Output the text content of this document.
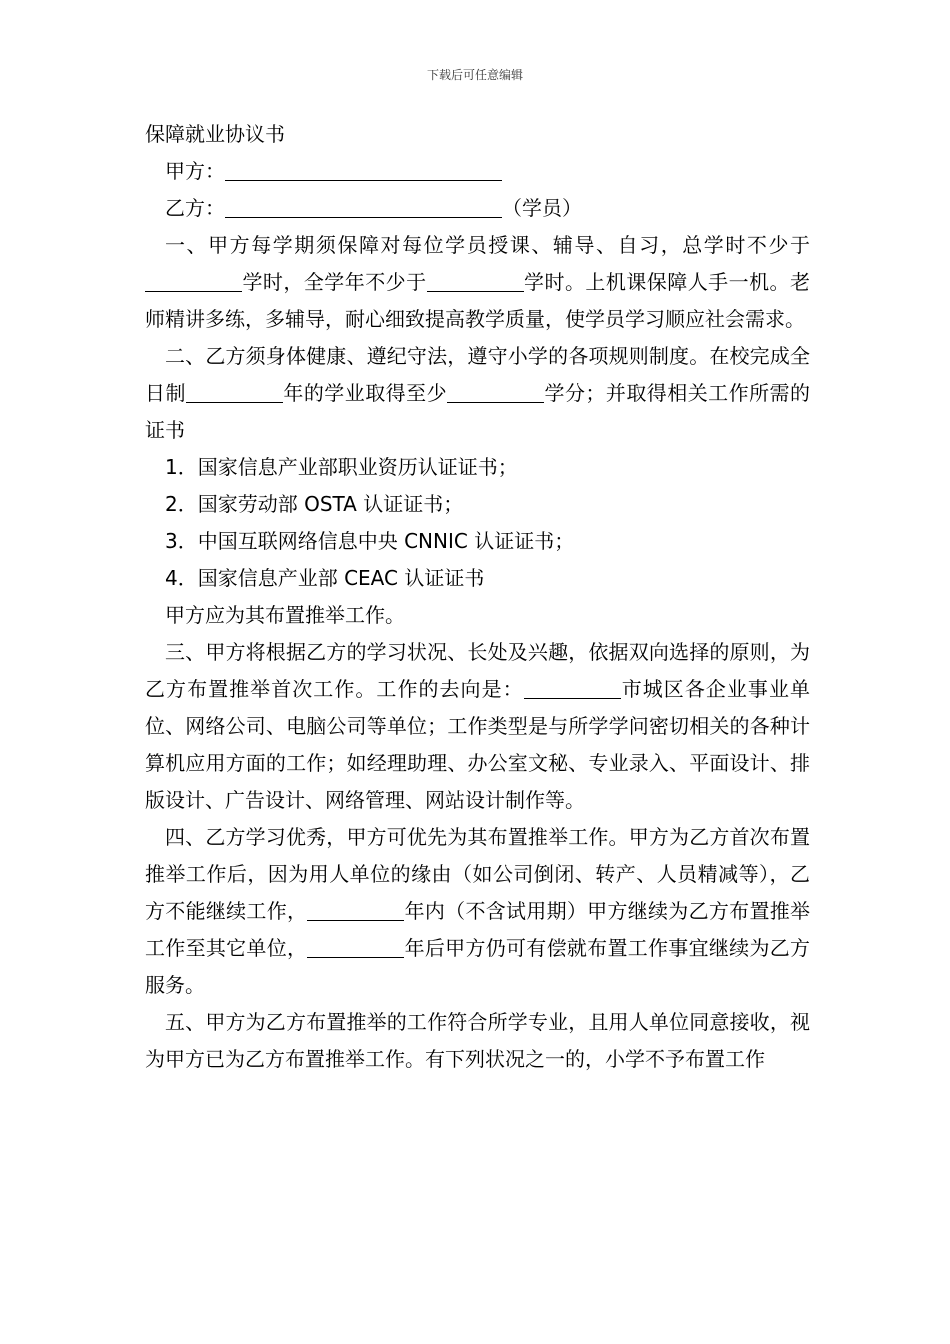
下载后可任意编辑

保障就业协议书

甲方：

乙方：	（学员）

一、甲方每学期须保障对每位学员授课、辅导、自习，总学时不少于学时，全学年不少于	学时。上机课保障人手一机。老师精讲多练，多辅导，耐心细致提高教学质量，使学员学习顺应社会需求。

二、乙方须身体健康、遵纪守法，遵守小学的各项规则制度。在校完成全日制	年的学业取得至少	学分；并取得相关工作所需的证书

1．国家信息产业部职业资历认证证书；

2．国家劳动部 OSTA 认证证书；

3．中国互联网络信息中央 CNNIC 认证证书；

4．国家信息产业部 CEAC 认证证书

甲方应为其布置推举工作。

三、甲方将根据乙方的学习状况、长处及兴趣，依据双向选择的原则，为乙方布置推举首次工作。工作的去向是：	市城区各企业事业单位、网络公司、电脑公司等单位；工作类型是与所学学问密切相关的各种计算机应用方面的工作；如经理助理、办公室文秘、专业录入、平面设计、排版设计、广告设计、网络管理、网站设计制作等。

四、乙方学习优秀，甲方可优先为其布置推举工作。甲方为乙方首次布置推举工作后，因为用人单位的缘由（如公司倒闭、转产、人员精减等），乙方不能继续工作，	年内（不含试用期）甲方继续为乙方布置推举工作至其它单位，	年后甲方仍可有偿就布置工作事宜继续为乙方服务。

五、甲方为乙方布置推举的工作符合所学专业，且用人单位同意接收，视为甲方已为乙方布置推举工作。有下列状况之一的，小学不予布置工作
